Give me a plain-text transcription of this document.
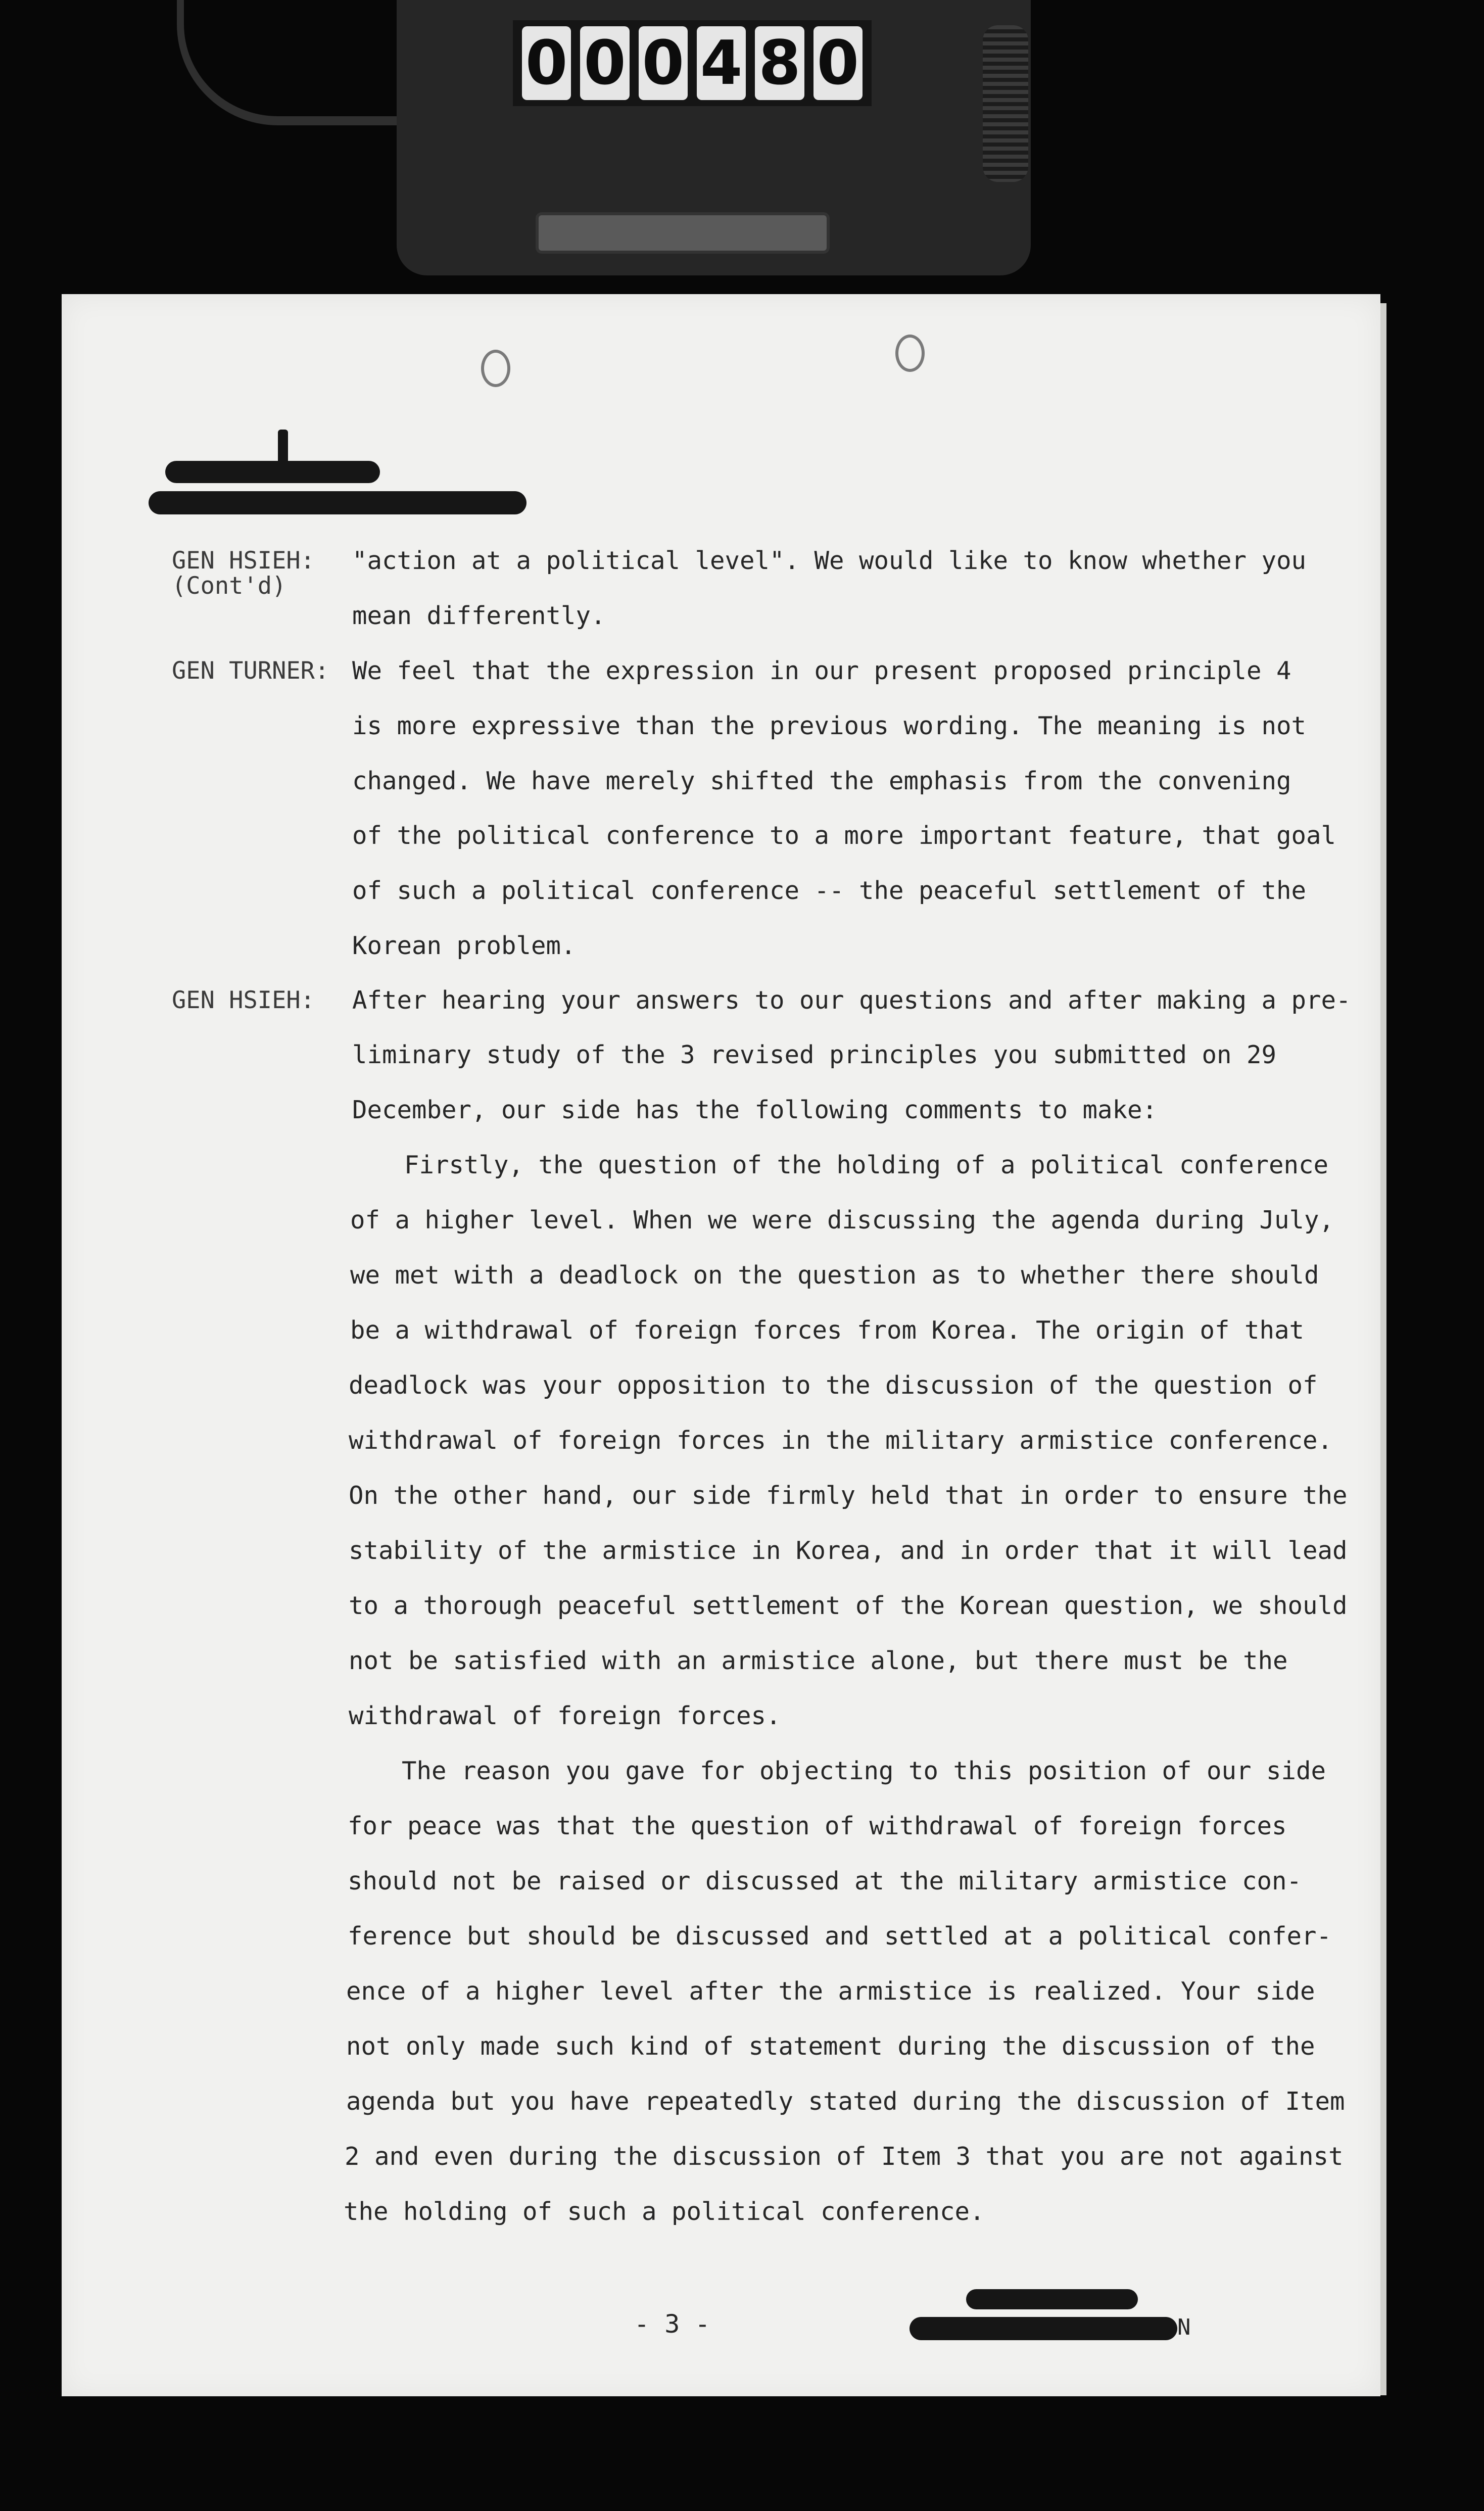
0 0 0 4 8 0
GEN HSIEH:
(Cont'd)
GEN TURNER:
GEN HSIEH:
"action at a political level". We would like to know whether you
mean differently.
We feel that the expression in our present proposed principle 4
is more expressive than the previous wording. The meaning is not
changed. We have merely shifted the emphasis from the convening
of the political conference to a more important feature, that goal
of such a political conference -- the peaceful settlement of the
Korean problem.
After hearing your answers to our questions and after making a pre-
liminary study of the 3 revised principles you submitted on 29
December, our side has the following comments to make:
Firstly, the question of the holding of a political conference
of a higher level. When we were discussing the agenda during July,
we met with a deadlock on the question as to whether there should
be a withdrawal of foreign forces from Korea. The origin of that
deadlock was your opposition to the discussion of the question of
withdrawal of foreign forces in the military armistice conference.
On the other hand, our side firmly held that in order to ensure the
stability of the armistice in Korea, and in order that it will lead
to a thorough peaceful settlement of the Korean question, we should
not be satisfied with an armistice alone, but there must be the
withdrawal of foreign forces.
The reason you gave for objecting to this position of our side
for peace was that the question of withdrawal of foreign forces
should not be raised or discussed at the military armistice con-
ference but should be discussed and settled at a political confer-
ence of a higher level after the armistice is realized. Your side
not only made such kind of statement during the discussion of the
agenda but you have repeatedly stated during the discussion of Item
2 and even during the discussion of Item 3 that you are not against
the holding of such a political conference.
- 3 -	N
